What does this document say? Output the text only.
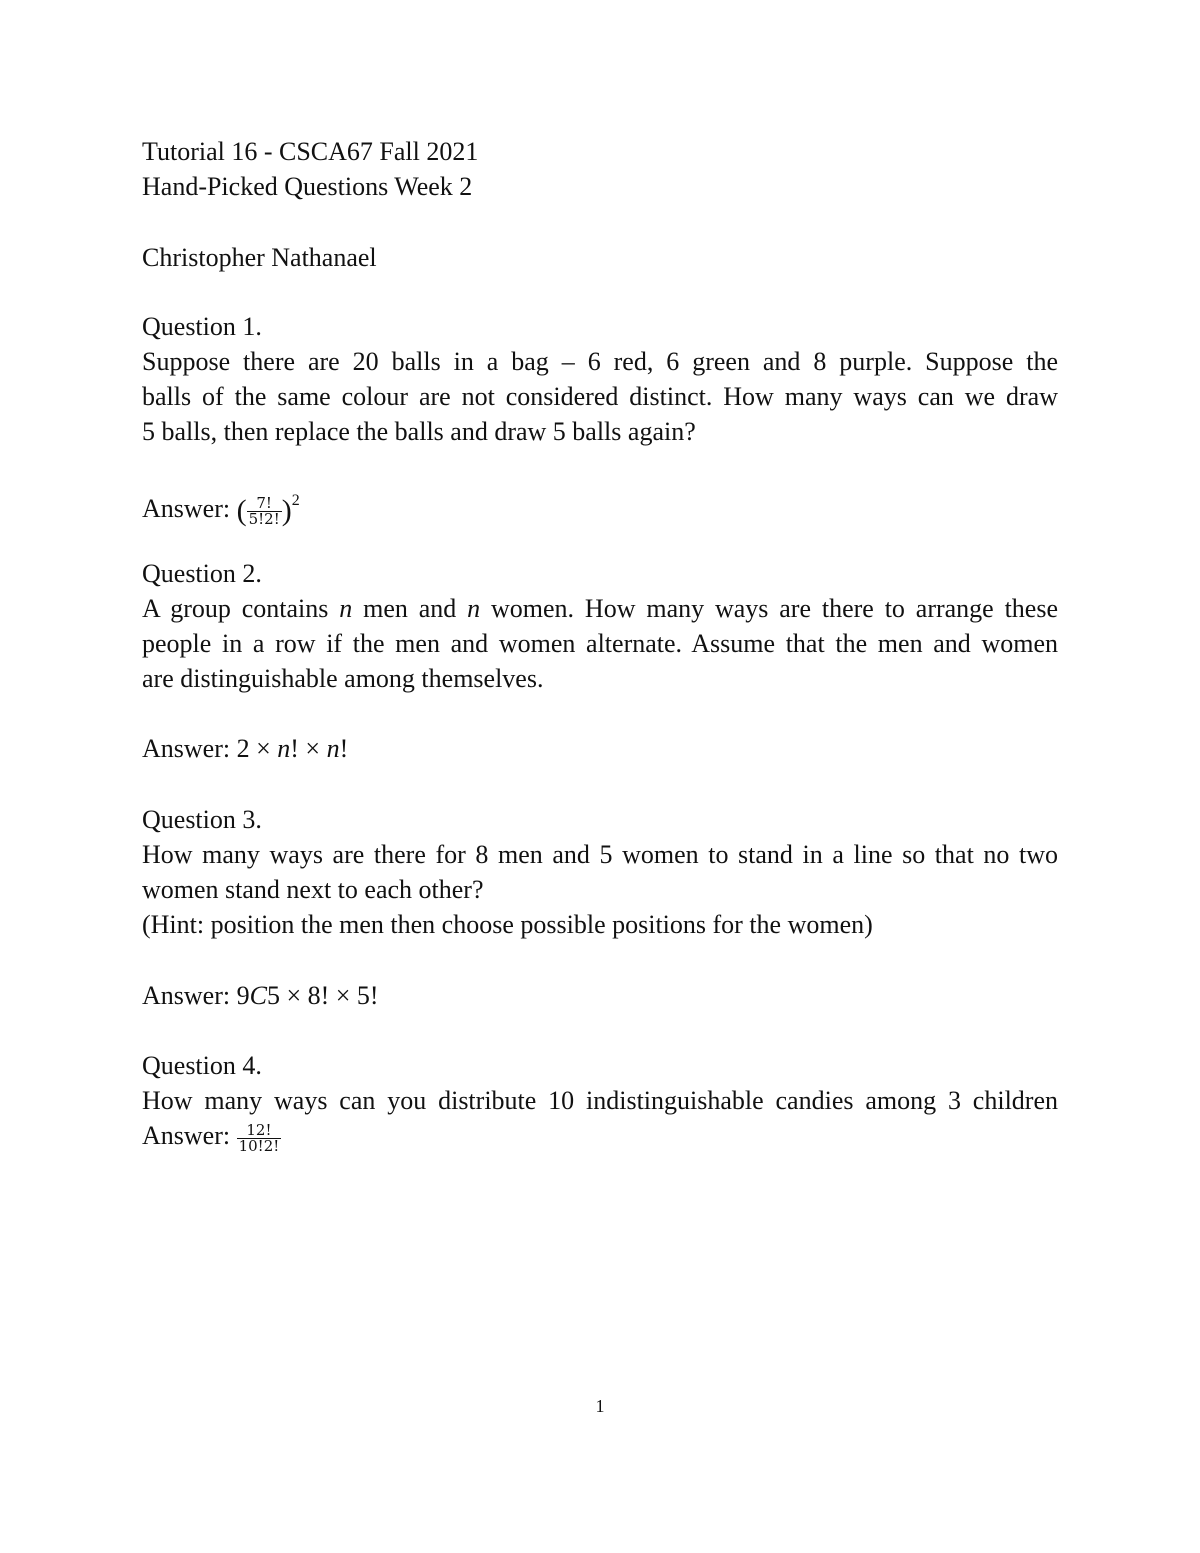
Tutorial 16 - CSCA67 Fall 2021
Hand-Picked Questions Week 2
Christopher Nathanael
Question 1.
Suppose there are 20 balls in a bag – 6 red, 6 green and 8 purple. Suppose the
balls of the same colour are not considered distinct. How many ways can we draw
5 balls, then replace the balls and draw 5 balls again?
Answer: ( $\frac{7!}{5!2!} )^2$
Question 2.
A group contains n men and n women. How many ways are there to arrange these
people in a row if the men and women alternate. Assume that the men and women
are distinguishable among themselves.
Answer: 2 × n! × n!
Question 3.
How many ways are there for 8 men and 5 women to stand in a line so that no two
women stand next to each other?
(Hint: position the men then choose possible positions for the women)
Answer: 9C5 × 8! × 5!
Question 4.
How many ways can you distribute 10 indistinguishable candies among 3 children
Answer: $\frac{12!}{10!2!}$
1
